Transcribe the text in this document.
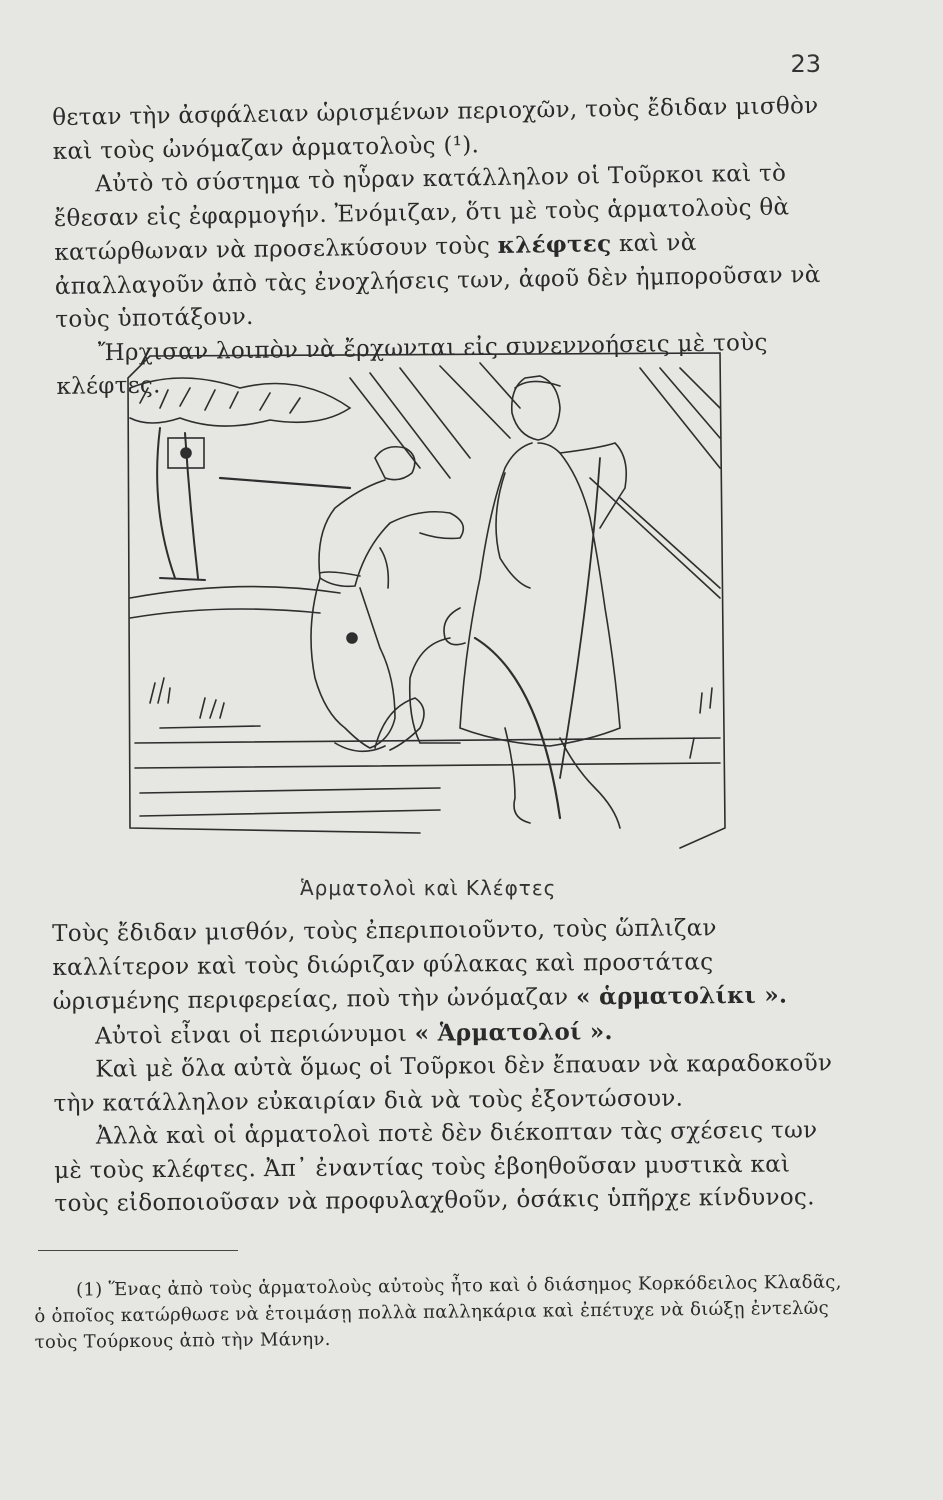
23

θεταν τὴν ἀσφάλειαν ὡρισμένων περιοχῶν, τοὺς ἔδιδαν μισθὸν καὶ τοὺς ὠνόμαζαν ἁρματολοὺς (¹).

Αὐτὸ τὸ σύστημα τὸ ηὗραν κατάλληλον οἱ Τοῦρκοι καὶ τὸ ἔθεσαν εἰς ἐφαρμογήν. Ἐνόμιζαν, ὅτι μὲ τοὺς ἁρματολοὺς θὰ κατώρθωναν νὰ προσελκύσουν τοὺς κλέφτες καὶ νὰ ἀπαλλαγοῦν ἀπὸ τὰς ἐνοχλήσεις των, ἀφοῦ δὲν ἠμποροῦσαν νὰ τοὺς ὑποτάξουν.

Ἤρχισαν λοιπὸν νὰ ἔρχωνται εἰς συνεννοήσεις μὲ τοὺς κλέφτες.

Ἁρματολοὶ καὶ Κλέφτες

Τοὺς ἔδιδαν μισθόν, τοὺς ἐπεριποιοῦντο, τοὺς ὥπλιζαν καλλίτερον καὶ τοὺς διώριζαν φύλακας καὶ προστάτας ὡρισμένης περιφερείας, ποὺ τὴν ὠνόμαζαν « ἁρματολίκι ».

Αὐτοὶ εἶναι οἱ περιώνυμοι « Ἁρματολοί ».

Καὶ μὲ ὅλα αὐτὰ ὅμως οἱ Τοῦρκοι δὲν ἔπαυαν νὰ καραδοκοῦν τὴν κατάλληλον εὐκαιρίαν διὰ νὰ τοὺς ἐξοντώσουν.

Ἀλλὰ καὶ οἱ ἁρματολοὶ ποτὲ δὲν διέκοπταν τὰς σχέσεις των μὲ τοὺς κλέφτες. Ἀπ᾽ ἐναντίας τοὺς ἐβοηθοῦσαν μυστικὰ καὶ τοὺς εἰδοποιοῦσαν νὰ προφυλαχθοῦν, ὁσάκις ὑπῆρχε κίνδυνος.

(1) Ἕνας ἀπὸ τοὺς ἁρματολοὺς αὐτοὺς ἦτο καὶ ὁ διάσημος Κορκόδειλος Κλαδᾶς, ὁ ὁποῖος κατώρθωσε νὰ ἑτοιμάσῃ πολλὰ παλληκάρια καὶ ἐπέτυχε νὰ διώξῃ ἐντελῶς τοὺς Τούρκους ἀπὸ τὴν Μάνην.
